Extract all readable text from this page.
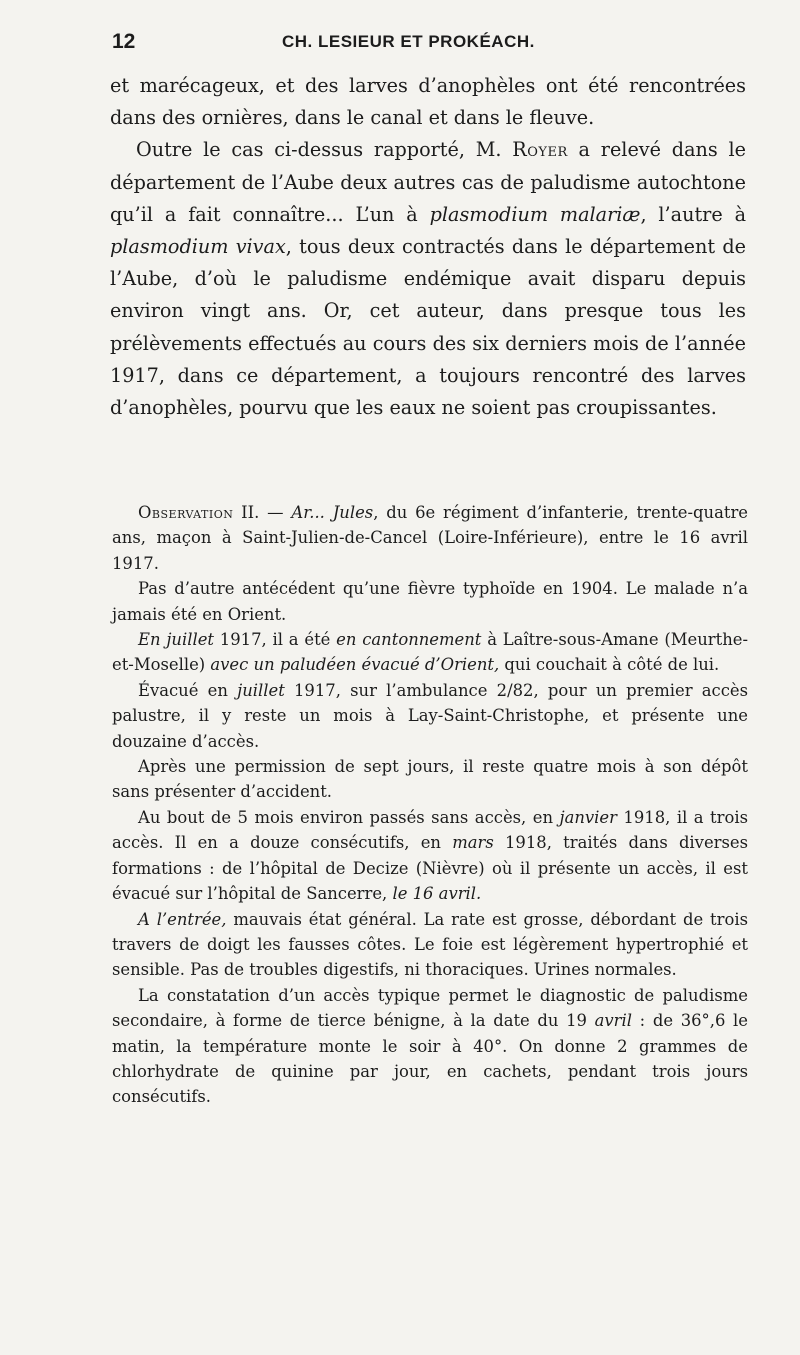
12	CH. LESIEUR ET PROKÉACH.

et marécageux, et des larves d’anophèles ont été rencontrées dans des ornières, dans le canal et dans le fleuve.

Outre le cas ci-dessus rapporté, M. Royer a relevé dans le département de l’Aube deux autres cas de paludisme autochtone qu’il a fait connaître... L’un à plasmodium malariæ, l’autre à plasmodium vivax, tous deux contractés dans le département de l’Aube, d’où le paludisme endémique avait disparu depuis environ vingt ans. Or, cet auteur, dans presque tous les prélèvements effectués au cours des six derniers mois de l’année 1917, dans ce département, a toujours rencontré des larves d’anophèles, pourvu que les eaux ne soient pas croupissantes.

Observation II. — Ar... Jules, du 6e régiment d’infanterie, trente-quatre ans, maçon à Saint-Julien-de-Cancel (Loire-Inférieure), entre le 16 avril 1917.

Pas d’autre antécédent qu’une fièvre typhoïde en 1904. Le malade n’a jamais été en Orient.

En juillet 1917, il a été en cantonnement à Laître-sous-Amane (Meurthe-et-Moselle) avec un paludéen évacué d’Orient, qui couchait à côté de lui.

Évacué en juillet 1917, sur l’ambulance 2/82, pour un premier accès palustre, il y reste un mois à Lay-Saint-Christophe, et présente une douzaine d’accès.

Après une permission de sept jours, il reste quatre mois à son dépôt sans présenter d’accident.

Au bout de 5 mois environ passés sans accès, en janvier 1918, il a trois accès. Il en a douze consécutifs, en mars 1918, traités dans diverses formations : de l’hôpital de Decize (Nièvre) où il présente un accès, il est évacué sur l’hôpital de Sancerre, le 16 avril.

A l’entrée, mauvais état général. La rate est grosse, débordant de trois travers de doigt les fausses côtes. Le foie est légèrement hypertrophié et sensible. Pas de troubles digestifs, ni thoraciques. Urines normales.

La constatation d’un accès typique permet le diagnostic de paludisme secondaire, à forme de tierce bénigne, à la date du 19 avril : de 36°,6 le matin, la température monte le soir à 40°. On donne 2 grammes de chlorhydrate de quinine par jour, en cachets, pendant trois jours consécutifs.
